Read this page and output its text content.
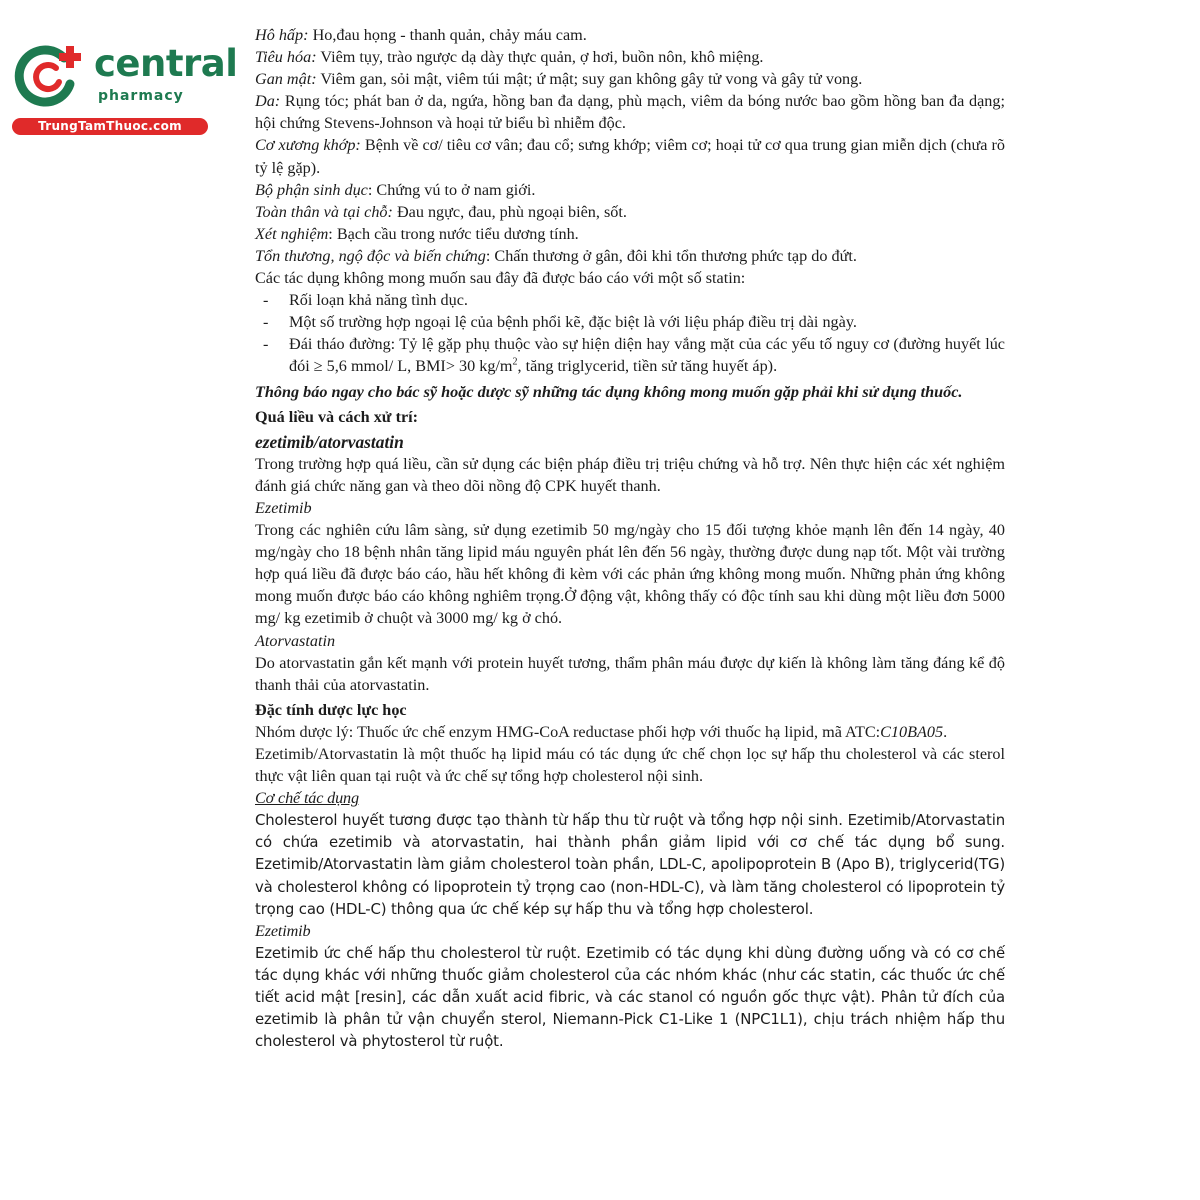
central
pharmacy
TrungTamThuoc.com

Hô hấp: Ho,đau họng - thanh quản, chảy máu cam.

Tiêu hóa: Viêm tụy, trào ngược dạ dày thực quản, ợ hơi, buồn nôn, khô miệng.

Gan mật: Viêm gan, sỏi mật, viêm túi mật; ứ mật; suy gan không gây tử vong và gây tử vong.

Da: Rụng tóc; phát ban ở da, ngứa, hồng ban đa dạng, phù mạch, viêm da bóng nước bao gồm hồng ban đa dạng; hội chứng Stevens-Johnson và hoại tử biểu bì nhiễm độc.

Cơ xương khớp: Bệnh về cơ/ tiêu cơ vân; đau cổ; sưng khớp; viêm cơ; hoại tử cơ qua trung gian miễn dịch (chưa rõ tỷ lệ gặp).

Bộ phận sinh dục: Chứng vú to ở nam giới.

Toàn thân và tại chỗ: Đau ngực, đau, phù ngoại biên, sốt.

Xét nghiệm: Bạch cầu trong nước tiểu dương tính.

Tổn thương, ngộ độc và biến chứng: Chấn thương ở gân, đôi khi tổn thương phức tạp do đứt.

Các tác dụng không mong muốn sau đây đã được báo cáo với một số statin:

- Rối loạn khả năng tình dục.

- Một số trường hợp ngoại lệ của bệnh phổi kẽ, đặc biệt là với liệu pháp điều trị dài ngày.

- Đái tháo đường: Tỷ lệ gặp phụ thuộc vào sự hiện diện hay vắng mặt của các yếu tố nguy cơ (đường huyết lúc đói ≥ 5,6 mmol/ L, BMI> 30 $kg/m^2$, tăng triglycerid, tiền sử tăng huyết áp).

Thông báo ngay cho bác sỹ hoặc dược sỹ những tác dụng không mong muốn gặp phải khi sử dụng thuốc.

Quá liều và cách xử trí:

ezetimib/atorvastatin

Trong trường hợp quá liều, cần sử dụng các biện pháp điều trị triệu chứng và hỗ trợ. Nên thực hiện các xét nghiệm đánh giá chức năng gan và theo dõi nồng độ CPK huyết thanh.

Ezetimib

Trong các nghiên cứu lâm sàng, sử dụng ezetimib 50 mg/ngày cho 15 đối tượng khỏe mạnh lên đến 14 ngày, 40 mg/ngày cho 18 bệnh nhân tăng lipid máu nguyên phát lên đến 56 ngày, thường được dung nạp tốt. Một vài trường hợp quá liều đã được báo cáo, hầu hết không đi kèm với các phản ứng không mong muốn. Những phản ứng không mong muốn được báo cáo không nghiêm trọng.Ở động vật, không thấy có độc tính sau khi dùng một liều đơn 5000 mg/ kg ezetimib ở chuột và 3000 mg/ kg ở chó.

Atorvastatin

Do atorvastatin gắn kết mạnh với protein huyết tương, thẩm phân máu được dự kiến là không làm tăng đáng kể độ thanh thải của atorvastatin.

Đặc tính dược lực học

Nhóm dược lý: Thuốc ức chế enzym HMG-CoA reductase phối hợp với thuốc hạ lipid, mã ATC:C10BA05.

Ezetimib/Atorvastatin là một thuốc hạ lipid máu có tác dụng ức chế chọn lọc sự hấp thu cholesterol và các sterol thực vật liên quan tại ruột và ức chế sự tổng hợp cholesterol nội sinh.

Cơ chế tác dụng

Cholesterol huyết tương được tạo thành từ hấp thu từ ruột và tổng hợp nội sinh. Ezetimib/Atorvastatin có chứa ezetimib và atorvastatin, hai thành phần giảm lipid với cơ chế tác dụng bổ sung. Ezetimib/Atorvastatin làm giảm cholesterol toàn phần, LDL-C, apolipoprotein B (Apo B), triglycerid(TG) và cholesterol không có lipoprotein tỷ trọng cao (non-HDL-C), và làm tăng cholesterol có lipoprotein tỷ trọng cao (HDL-C) thông qua ức chế kép sự hấp thu và tổng hợp cholesterol.

Ezetimib

Ezetimib ức chế hấp thu cholesterol từ ruột. Ezetimib có tác dụng khi dùng đường uống và có cơ chế tác dụng khác với những thuốc giảm cholesterol của các nhóm khác (như các statin, các thuốc ức chế tiết acid mật [resin], các dẫn xuất acid fibric, và các stanol có nguồn gốc thực vật). Phân tử đích của ezetimib là phân tử vận chuyển sterol, Niemann-Pick C1-Like 1 (NPC1L1), chịu trách nhiệm hấp thu cholesterol và phytosterol từ ruột.
